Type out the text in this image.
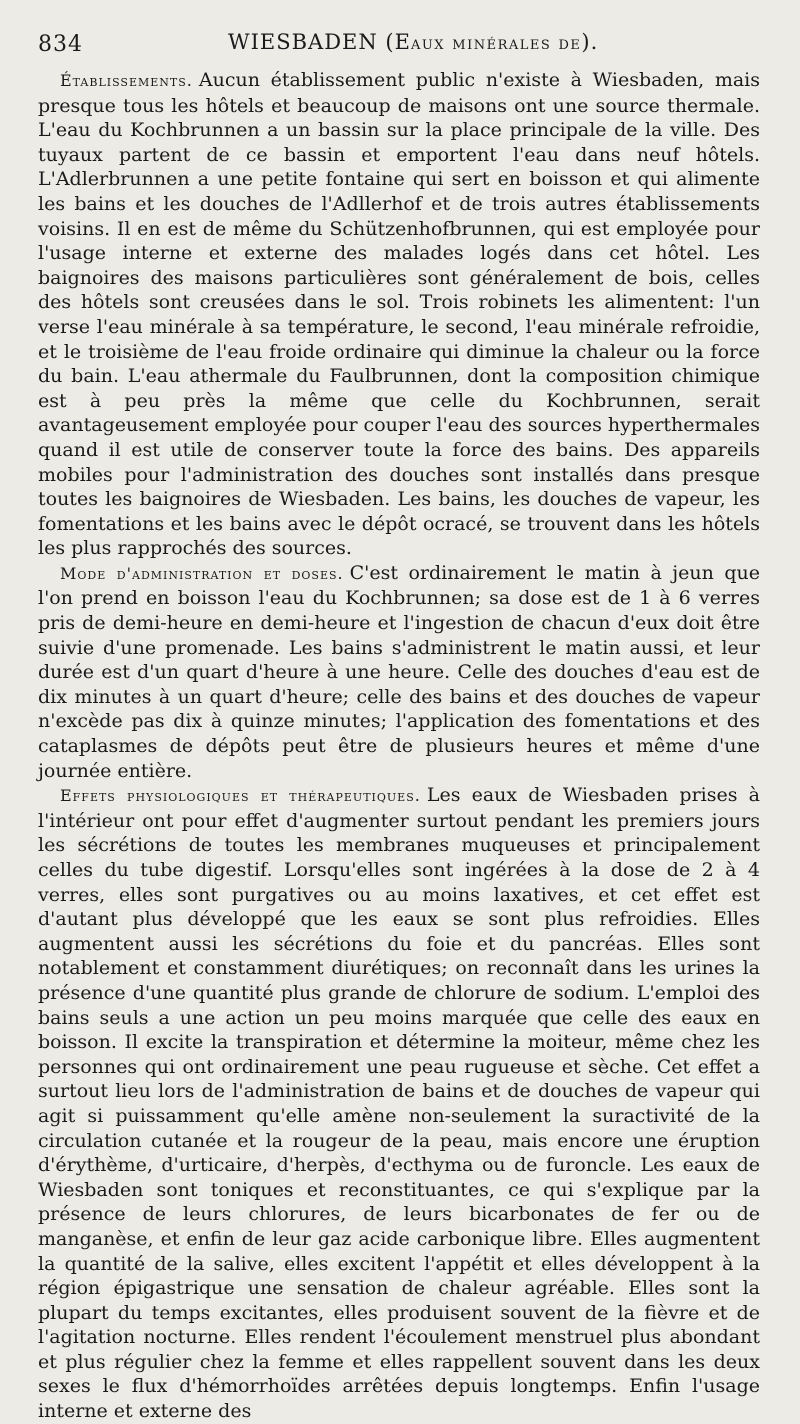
834	WIESBADEN (Eaux minérales de).

Établissements. Aucun établissement public n'existe à Wiesbaden, mais presque tous les hôtels et beaucoup de maisons ont une source thermale. L'eau du Kochbrunnen a un bassin sur la place principale de la ville. Des tuyaux partent de ce bassin et emportent l'eau dans neuf hôtels. L'Adlerbrunnen a une petite fontaine qui sert en boisson et qui alimente les bains et les douches de l'Adllerhof et de trois autres établissements voisins. Il en est de même du Schützenhofbrunnen, qui est employée pour l'usage interne et externe des malades logés dans cet hôtel. Les baignoires des maisons particulières sont généralement de bois, celles des hôtels sont creusées dans le sol. Trois robinets les alimentent: l'un verse l'eau minérale à sa température, le second, l'eau minérale refroidie, et le troisième de l'eau froide ordinaire qui diminue la chaleur ou la force du bain. L'eau athermale du Faulbrunnen, dont la composition chimique est à peu près la même que celle du Kochbrunnen, serait avantageusement employée pour couper l'eau des sources hyperthermales quand il est utile de conserver toute la force des bains. Des appareils mobiles pour l'administration des douches sont installés dans presque toutes les baignoires de Wiesbaden. Les bains, les douches de vapeur, les fomentations et les bains avec le dépôt ocracé, se trouvent dans les hôtels les plus rapprochés des sources.

Mode d'administration et doses. C'est ordinairement le matin à jeun que l'on prend en boisson l'eau du Kochbrunnen; sa dose est de 1 à 6 verres pris de demi-heure en demi-heure et l'ingestion de chacun d'eux doit être suivie d'une promenade. Les bains s'administrent le matin aussi, et leur durée est d'un quart d'heure à une heure. Celle des douches d'eau est de dix minutes à un quart d'heure; celle des bains et des douches de vapeur n'excède pas dix à quinze minutes; l'application des fomentations et des cataplasmes de dépôts peut être de plusieurs heures et même d'une journée entière.

Effets physiologiques et thérapeutiques. Les eaux de Wiesbaden prises à l'intérieur ont pour effet d'augmenter surtout pendant les premiers jours les sécrétions de toutes les membranes muqueuses et principalement celles du tube digestif. Lorsqu'elles sont ingérées à la dose de 2 à 4 verres, elles sont purgatives ou au moins laxatives, et cet effet est d'autant plus développé que les eaux se sont plus refroidies. Elles augmentent aussi les sécrétions du foie et du pancréas. Elles sont notablement et constamment diurétiques; on reconnaît dans les urines la présence d'une quantité plus grande de chlorure de sodium. L'emploi des bains seuls a une action un peu moins marquée que celle des eaux en boisson. Il excite la transpiration et détermine la moiteur, même chez les personnes qui ont ordinairement une peau rugueuse et sèche. Cet effet a surtout lieu lors de l'administration de bains et de douches de vapeur qui agit si puissamment qu'elle amène non-seulement la suractivité de la circulation cutanée et la rougeur de la peau, mais encore une éruption d'érythème, d'urticaire, d'herpès, d'ecthyma ou de furoncle. Les eaux de Wiesbaden sont toniques et reconstituantes, ce qui s'explique par la présence de leurs chlorures, de leurs bicarbonates de fer ou de manganèse, et enfin de leur gaz acide carbonique libre. Elles augmentent la quantité de la salive, elles excitent l'appétit et elles développent à la région épigastrique une sensation de chaleur agréable. Elles sont la plupart du temps excitantes, elles produisent souvent de la fièvre et de l'agitation nocturne. Elles rendent l'écoulement menstruel plus abondant et plus régulier chez la femme et elles rappellent souvent dans les deux sexes le flux d'hémorrhoïdes arrêtées depuis longtemps. Enfin l'usage interne et externe des
